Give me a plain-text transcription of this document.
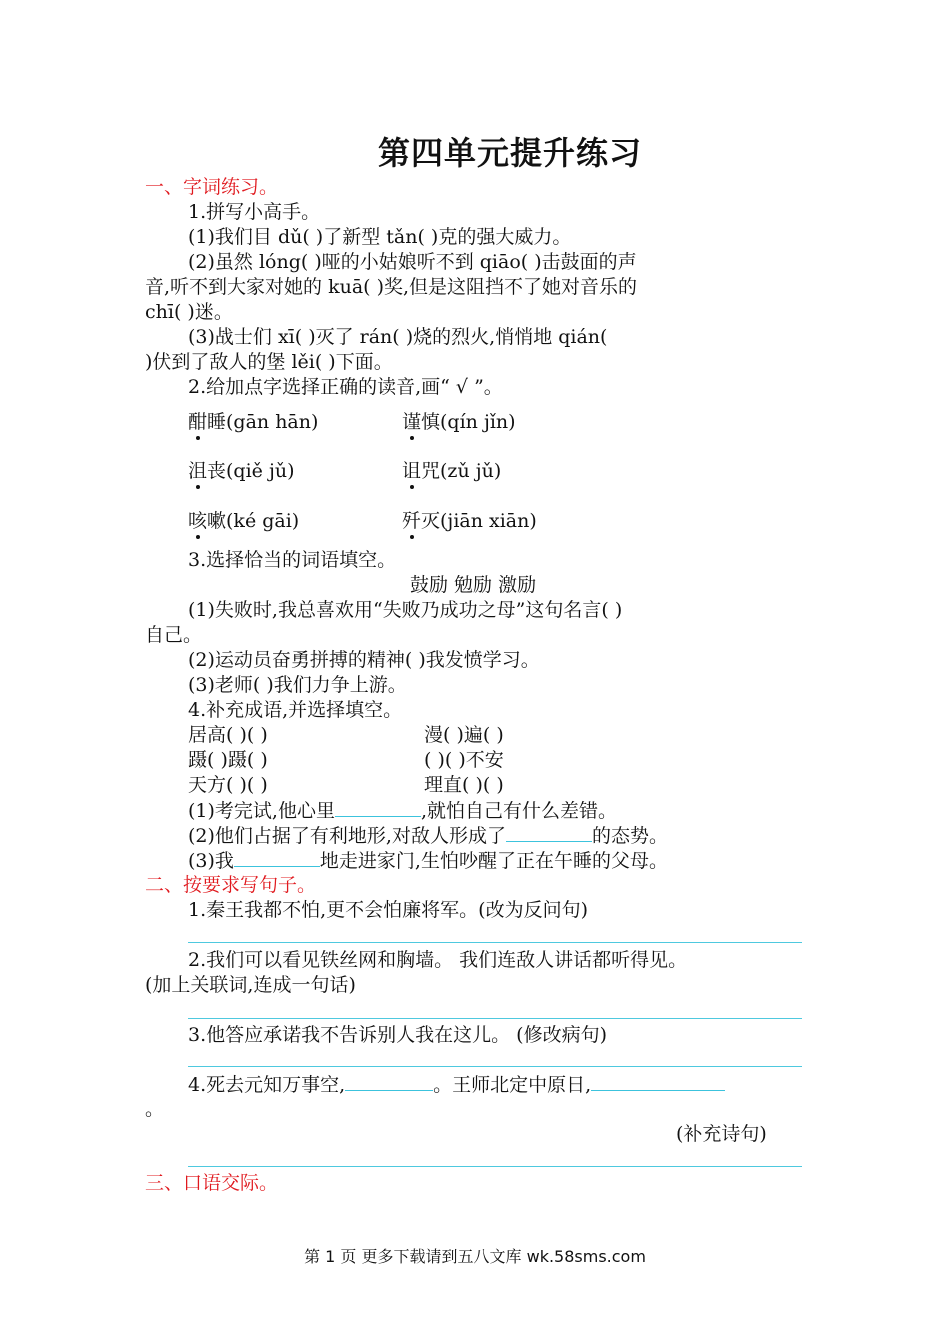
第四单元提升练习
一、字词练习。
1.拼写小高手。
(1)我们目 dǔ( )了新型 tǎn( )克的强大威力。
(2)虽然 lóng( )哑的小姑娘听不到 qiāo( )击鼓面的声
音,听不到大家对她的 kuā( )奖,但是这阻挡不了她对音乐的
chī( )迷。
(3)战士们 xī( )灭了 rán( )烧的烈火,悄悄地 qián(
)伏到了敌人的堡 lěi( )下面。
2.给加点字选择正确的读音,画“ √ ”。
酣睡(gān hān)	谨慎(qín jǐn)
沮丧(qiě jǔ)	诅咒(zǔ jǔ)
咳嗽(ké gāi)	歼灭(jiān xiān)
3.选择恰当的词语填空。
鼓励 勉励 激励
(1)失败时,我总喜欢用“失败乃成功之母”这句名言( )
自己。
(2)运动员奋勇拼搏的精神( )我发愤学习。
(3)老师( )我们力争上游。
4.补充成语,并选择填空。
居高( )( )	漫( )遍( )
蹑( )蹑( )	( )( )不安
天方( )( )	理直( )( )
(1)考完试,他心里	,就怕自己有什么差错。
(2)他们占据了有利地形,对敌人形成了	的态势。
(3)我	地走进家门,生怕吵醒了正在午睡的父母。
二、按要求写句子。
1.秦王我都不怕,更不会怕廉将军。(改为反问句)
2.我们可以看见铁丝网和胸墙。 我们连敌人讲话都听得见。
(加上关联词,连成一句话)
3.他答应承诺我不告诉别人我在这儿。 (修改病句)
4.死去元知万事空,	。王师北定中原日,
。
(补充诗句)
三、口语交际。
第 1 页 更多下载请到五八文库 wk.58sms.com
